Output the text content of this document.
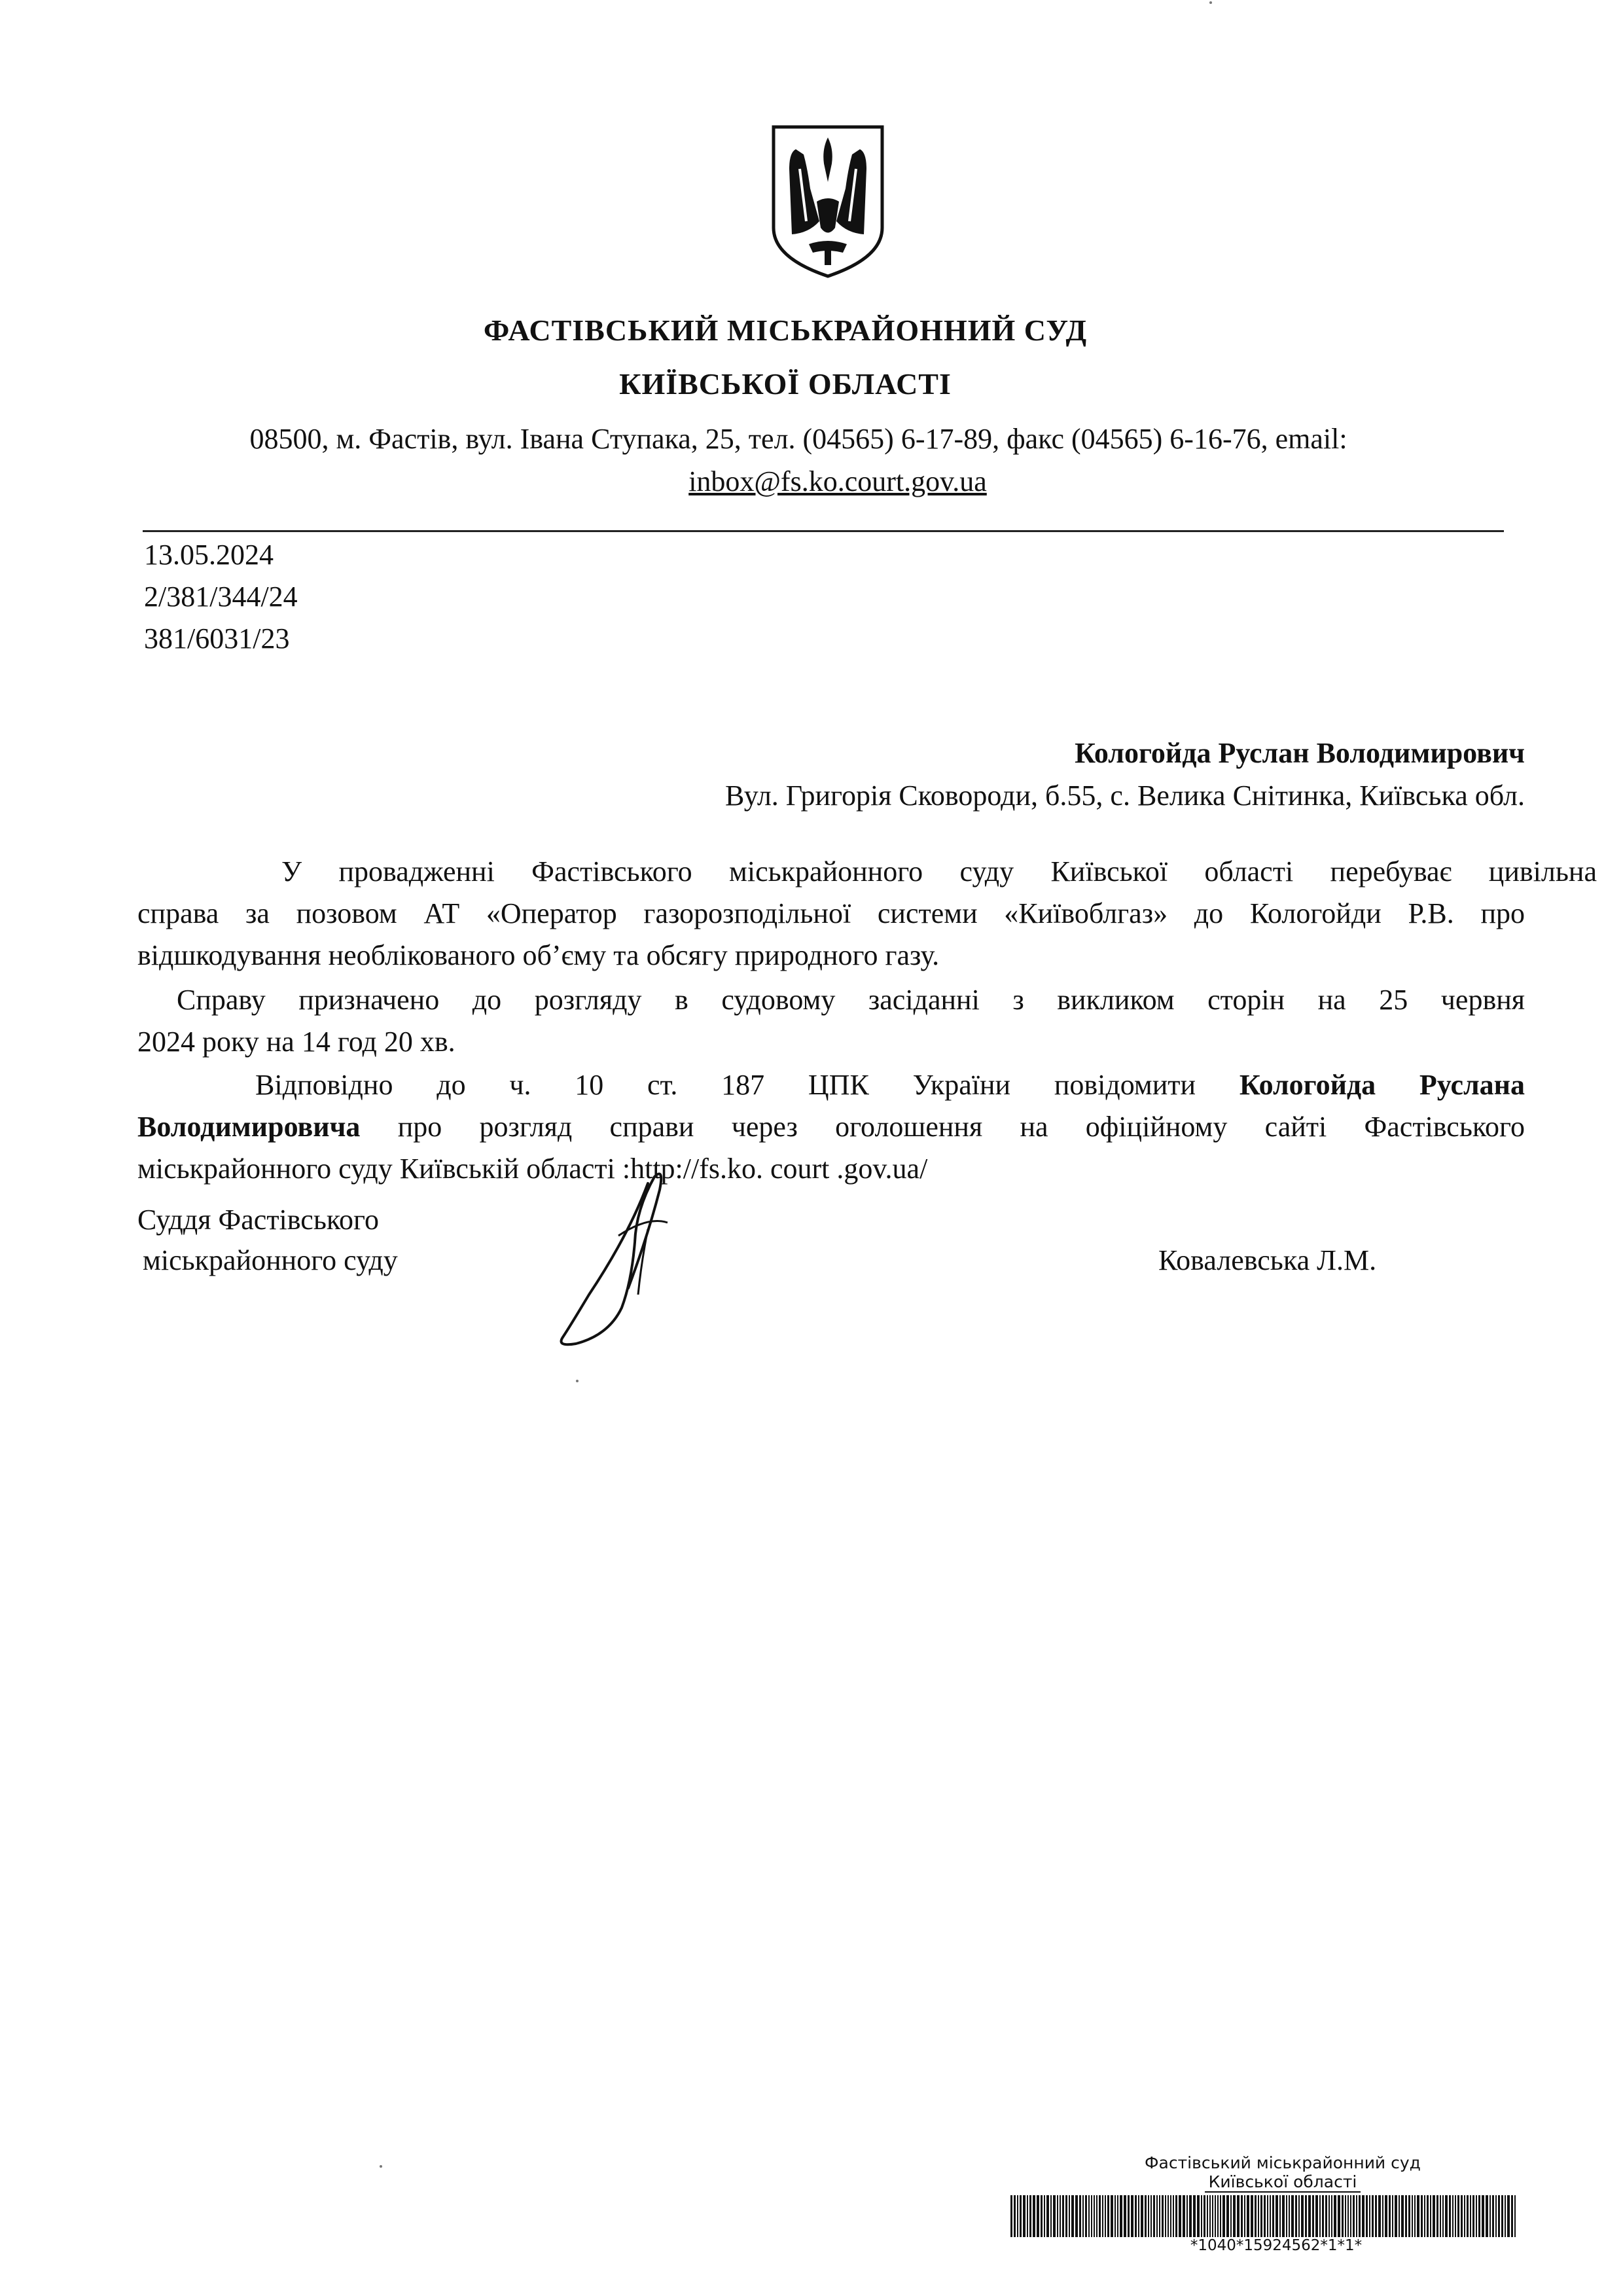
ФАСТІВСЬКИЙ МІСЬКРАЙОННИЙ СУД
КИЇВСЬКОЇ ОБЛАСТІ
08500, м. Фастів, вул. Івана Ступака, 25, тел. (04565) 6-17-89, факс (04565) 6-16-76, email:
inbox@fs.ko.court.gov.ua
13.05.2024
2/381/344/24
381/6031/23
Кологойда Руслан Володимирович
Вул. Григорія Сковороди, б.55, с. Велика Снітинка, Київська обл.
У провадженні Фастівського міськрайонного суду Київської області перебуває цивільна
справа за позовом АТ «Оператор газорозподільної системи «Київоблгаз» до Кологойди Р.В. про
відшкодування необлікованого об’єму та обсягу природного газу.
Справу призначено до розгляду в судовому засіданні з викликом сторін на 25 червня
2024 року на 14 год 20 хв.
Відповідно до ч. 10 ст. 187 ЦПК України повідомити Кологойда Руслана
Володимировича про розгляд справи через оголошення на офіційному сайті Фастівського
міськрайонного суду Київській області :http://fs.ko. court .gov.ua/
Суддя Фастівського
міськрайонного суду	Ковалевська Л.М.
Фастівський міськрайонний суд
Київської області
*1040*15924562*1*1*
